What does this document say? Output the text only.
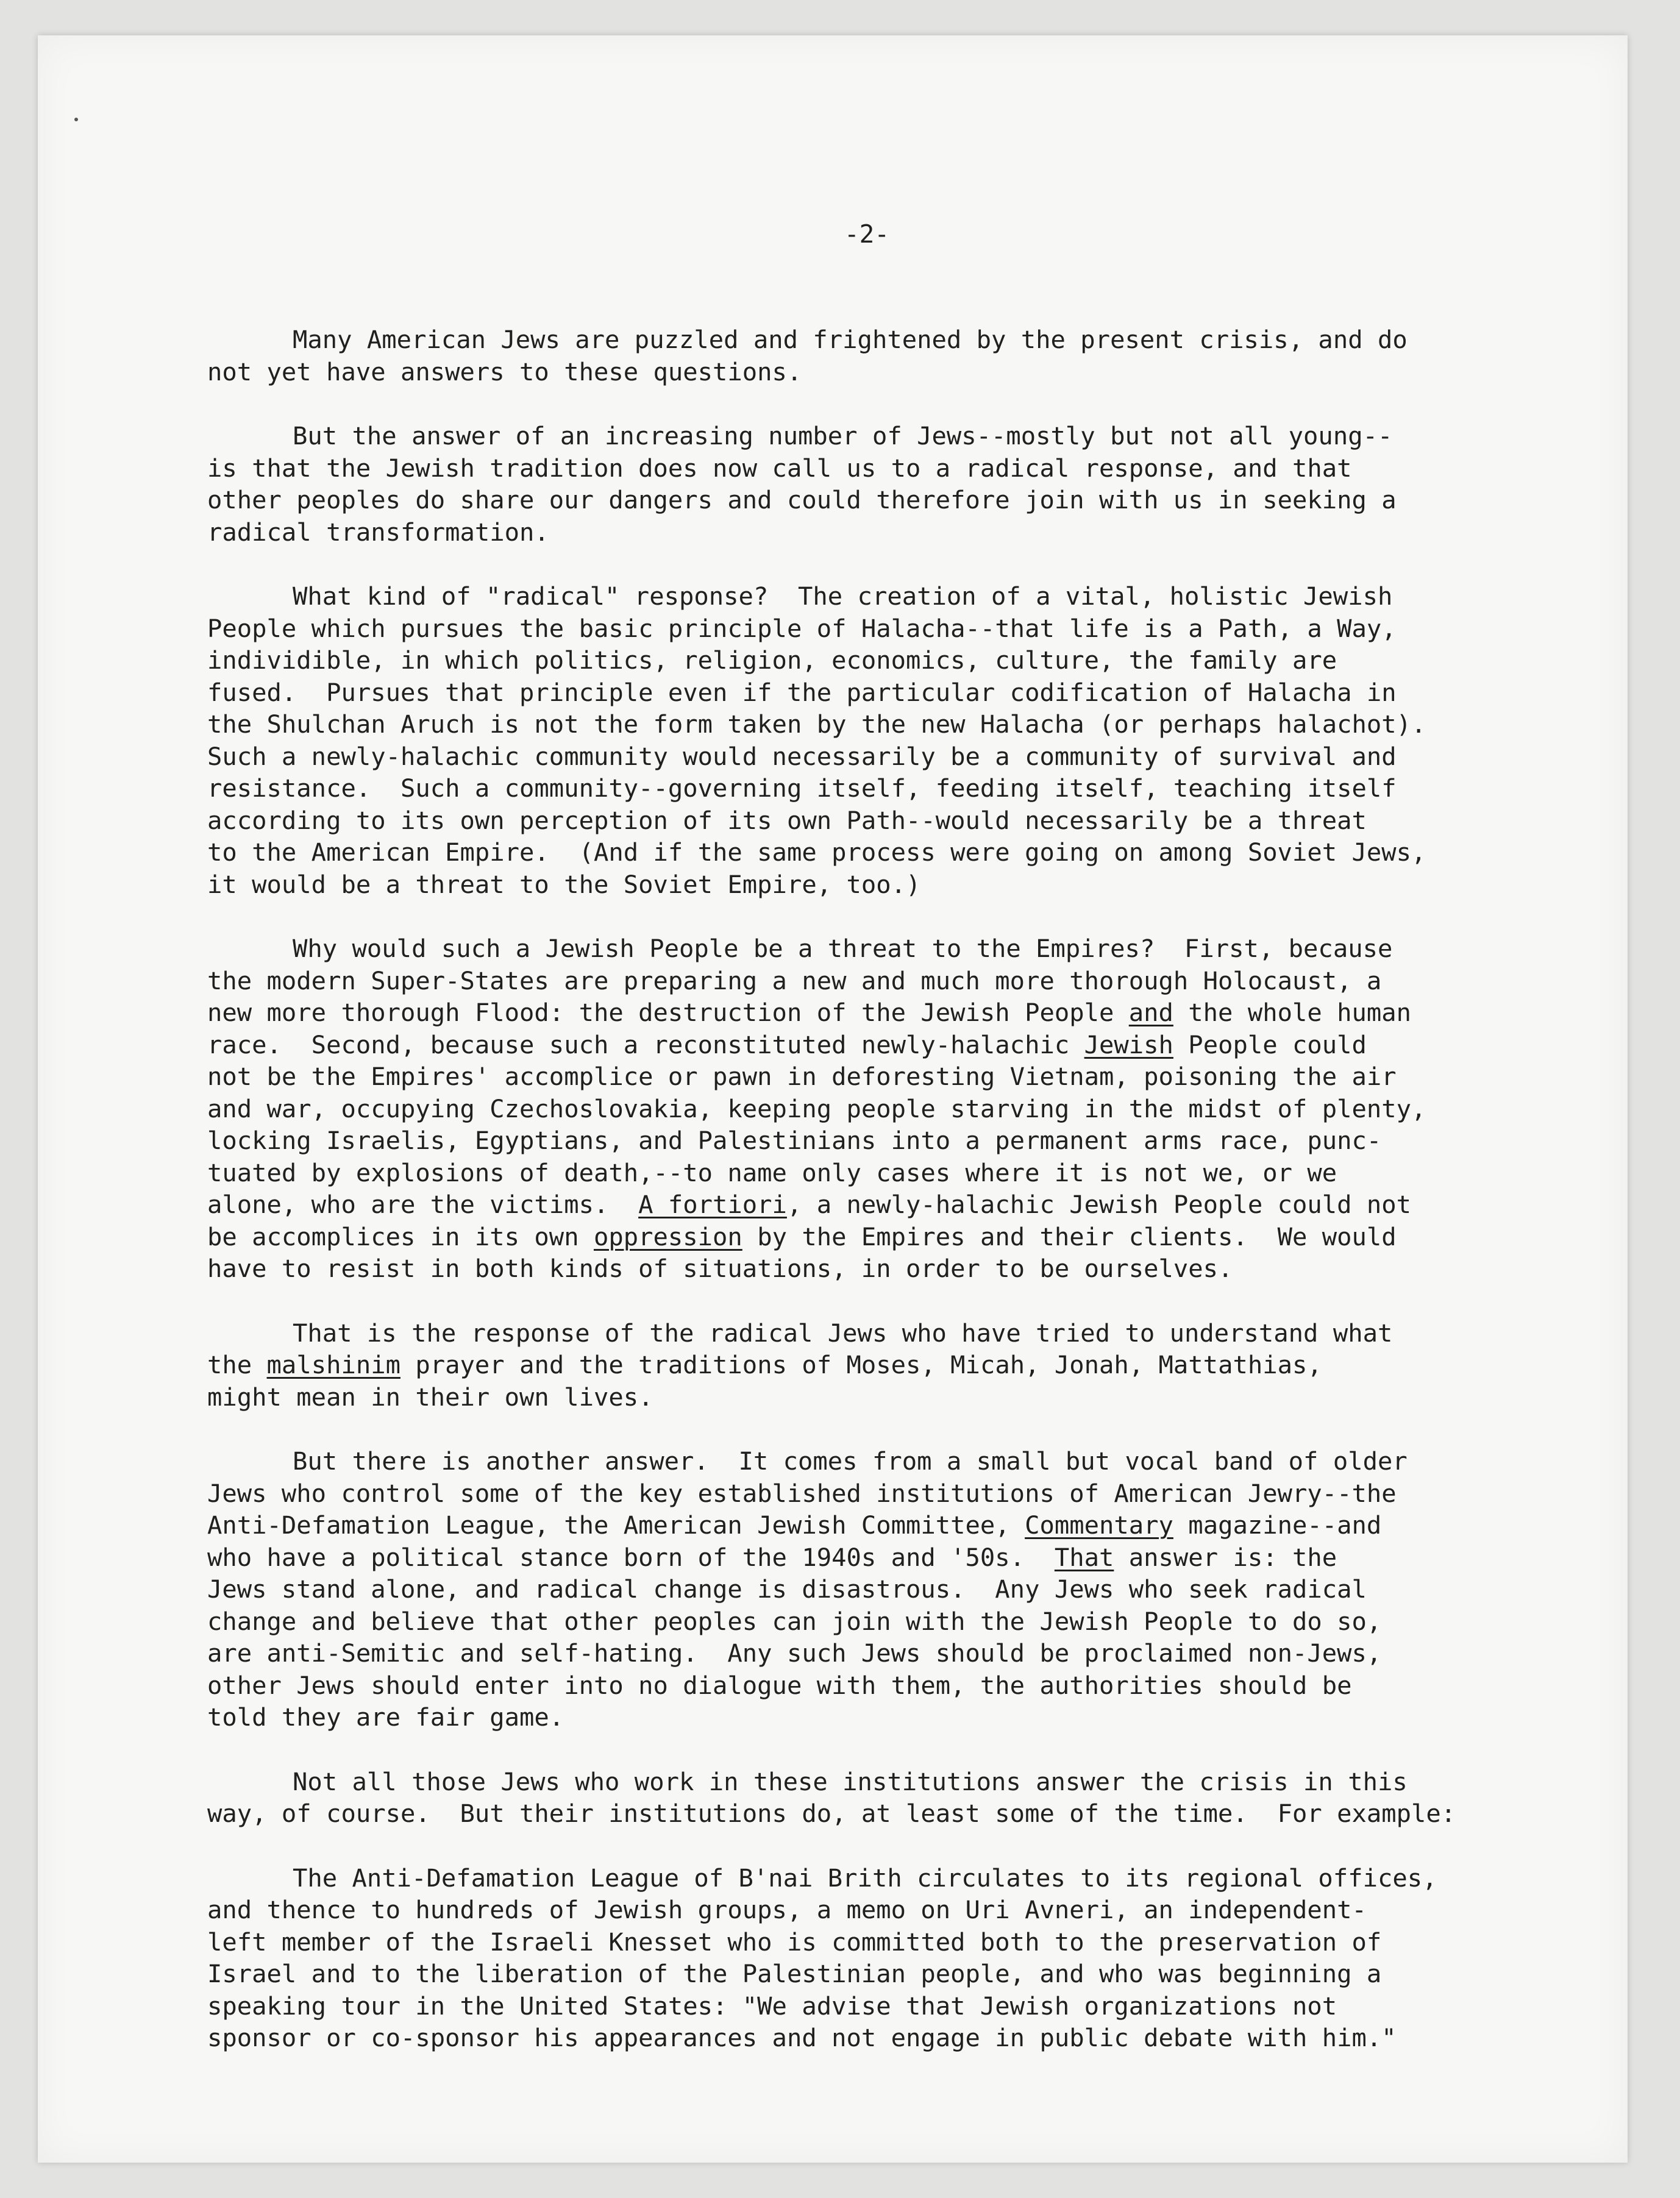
-2-

Many American Jews are puzzled and frightened by the present crisis, and do
not yet have answers to these questions.

But the answer of an increasing number of Jews--mostly but not all young--
is that the Jewish tradition does now call us to a radical response, and that
other peoples do share our dangers and could therefore join with us in seeking a
radical transformation.

What kind of "radical" response?  The creation of a vital, holistic Jewish
People which pursues the basic principle of Halacha--that life is a Path, a Way,
individible, in which politics, religion, economics, culture, the family are
fused.  Pursues that principle even if the particular codification of Halacha in
the Shulchan Aruch is not the form taken by the new Halacha (or perhaps halachot).
Such a newly-halachic community would necessarily be a community of survival and
resistance.  Such a community--governing itself, feeding itself, teaching itself
according to its own perception of its own Path--would necessarily be a threat
to the American Empire.  (And if the same process were going on among Soviet Jews,
it would be a threat to the Soviet Empire, too.)

Why would such a Jewish People be a threat to the Empires?  First, because
the modern Super-States are preparing a new and much more thorough Holocaust, a
new more thorough Flood: the destruction of the Jewish People and the whole human
race.  Second, because such a reconstituted newly-halachic Jewish People could
not be the Empires' accomplice or pawn in deforesting Vietnam, poisoning the air
and war, occupying Czechoslovakia, keeping people starving in the midst of plenty,
locking Israelis, Egyptians, and Palestinians into a permanent arms race, punc-
tuated by explosions of death,--to name only cases where it is not we, or we
alone, who are the victims.  A fortiori, a newly-halachic Jewish People could not
be accomplices in its own oppression by the Empires and their clients.  We would
have to resist in both kinds of situations, in order to be ourselves.

That is the response of the radical Jews who have tried to understand what
the malshinim prayer and the traditions of Moses, Micah, Jonah, Mattathias,
might mean in their own lives.

But there is another answer.  It comes from a small but vocal band of older
Jews who control some of the key established institutions of American Jewry--the
Anti-Defamation League, the American Jewish Committee, Commentary magazine--and
who have a political stance born of the 1940s and '50s.  That answer is: the
Jews stand alone, and radical change is disastrous.  Any Jews who seek radical
change and believe that other peoples can join with the Jewish People to do so,
are anti-Semitic and self-hating.  Any such Jews should be proclaimed non-Jews,
other Jews should enter into no dialogue with them, the authorities should be
told they are fair game.

Not all those Jews who work in these institutions answer the crisis in this
way, of course.  But their institutions do, at least some of the time.  For example:

The Anti-Defamation League of B'nai Brith circulates to its regional offices,
and thence to hundreds of Jewish groups, a memo on Uri Avneri, an independent-
left member of the Israeli Knesset who is committed both to the preservation of
Israel and to the liberation of the Palestinian people, and who was beginning a
speaking tour in the United States: "We advise that Jewish organizations not
sponsor or co-sponsor his appearances and not engage in public debate with him."
